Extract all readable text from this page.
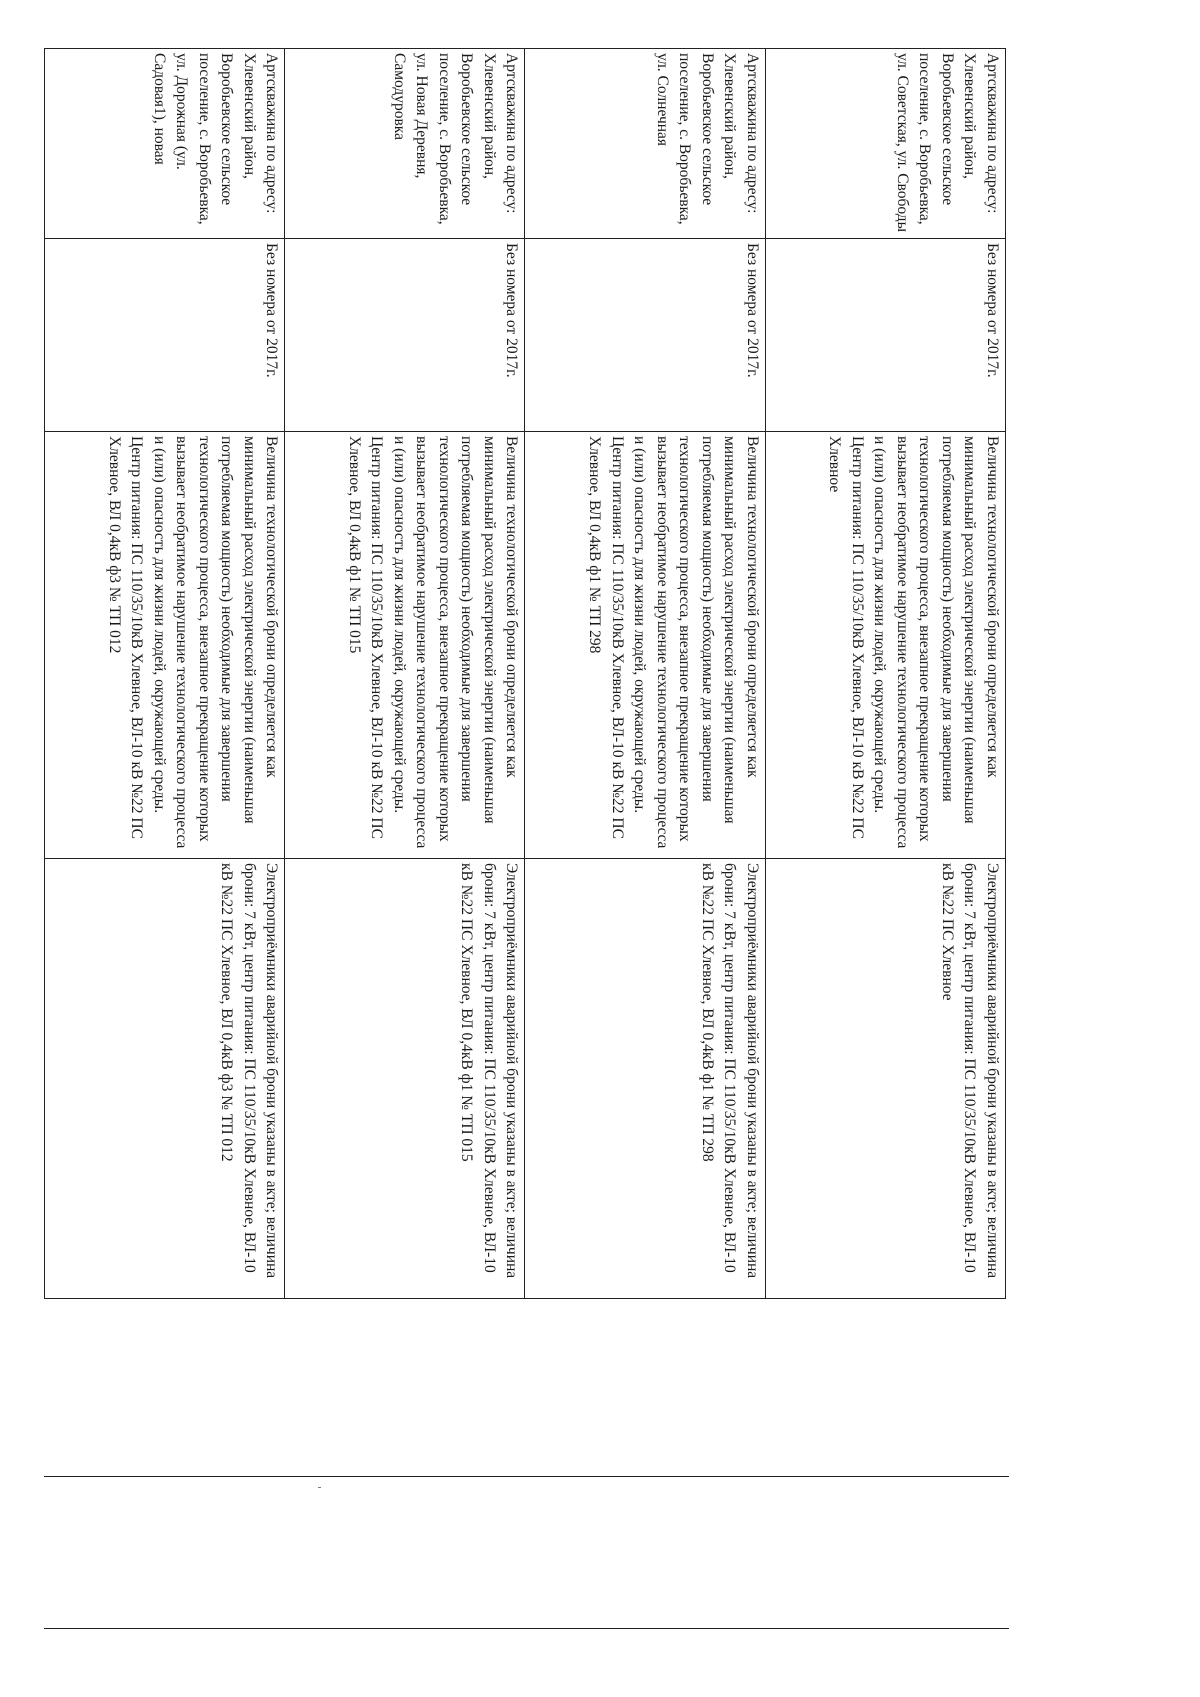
Артскважина по адресу: Хлевенский район, Воробьевское сельское поселение, с. Воробьевка, ул. Советская, ул. Свободы	Без номера от 2017г.	Величина технологической брони определяется как минимальный расход электрической энергии (наименьшая потребляемая мощность) необходимые для завершения технологического процесса, внезапное прекращение которых вызывает необратимое нарушение технологического процесса и (или) опасность для жизни людей, окружающей среды. Центр питания: ПС 110/35/10кВ Хлевное, ВЛ-10 кВ №22 ПС Хлевное	Электроприёмники аварийной брони указаны в акте; величина брони: 7 кВт, центр питания: ПС 110/35/10кВ Хлевное, ВЛ-10 кВ №22 ПС Хлевное
Артскважина по адресу: Хлевенский район, Воробьевское сельское поселение, с. Воробьевка, ул. Солнечная	Без номера от 2017г.	Величина технологической брони определяется как минимальный расход электрической энергии (наименьшая потребляемая мощность) необходимые для завершения технологического процесса, внезапное прекращение которых вызывает необратимое нарушение технологического процесса и (или) опасность для жизни людей, окружающей среды. Центр питания: ПС 110/35/10кВ Хлевное, ВЛ-10 кВ №22 ПС Хлевное, ВЛ 0,4кВ ф1 № ТП 298	Электроприёмники аварийной брони указаны в акте; величина брони: 7 кВт, центр питания: ПС 110/35/10кВ Хлевное, ВЛ-10 кВ №22 ПС Хлевное, ВЛ 0,4кВ ф1 № ТП 298
Артскважина по адресу: Хлевенский район, Воробьевское сельское поселение, с. Воробьевка, ул. Новая Деревня, Самодуровка	Без номера от 2017г.	Величина технологической брони определяется как минимальный расход электрической энергии (наименьшая потребляемая мощность) необходимые для завершения технологического процесса, внезапное прекращение которых вызывает необратимое нарушение технологического процесса и (или) опасность для жизни людей, окружающей среды. Центр питания: ПС 110/35/10кВ Хлевное, ВЛ-10 кВ №22 ПС Хлевное, ВЛ 0,4кВ ф1 № ТП 015	Электроприёмники аварийной брони указаны в акте; величина брони: 7 кВт, центр питания: ПС 110/35/10кВ Хлевное, ВЛ-10 кВ №22 ПС Хлевное, ВЛ 0,4кВ ф1 № ТП 015
Артскважина по адресу: Хлевенский район, Воробьевское сельское поселение, с. Воробьевка, ул. Дорожная (ул. Садовая1), новая	Без номера от 2017г.	Величина технологической брони определяется как минимальный расход электрической энергии (наименьшая потребляемая мощность) необходимые для завершения технологического процесса, внезапное прекращение которых вызывает необратимое нарушение технологического процесса и (или) опасность для жизни людей, окружающей среды. Центр питания: ПС 110/35/10кВ Хлевное, ВЛ-10 кВ №22 ПС Хлевное, ВЛ 0,4кВ ф3 № ТП 012	Электроприёмники аварийной брони указаны в акте; величина брони: 7 кВт, центр питания: ПС 110/35/10кВ Хлевное, ВЛ-10 кВ №22 ПС Хлевное, ВЛ 0,4кВ ф3 № ТП 012
